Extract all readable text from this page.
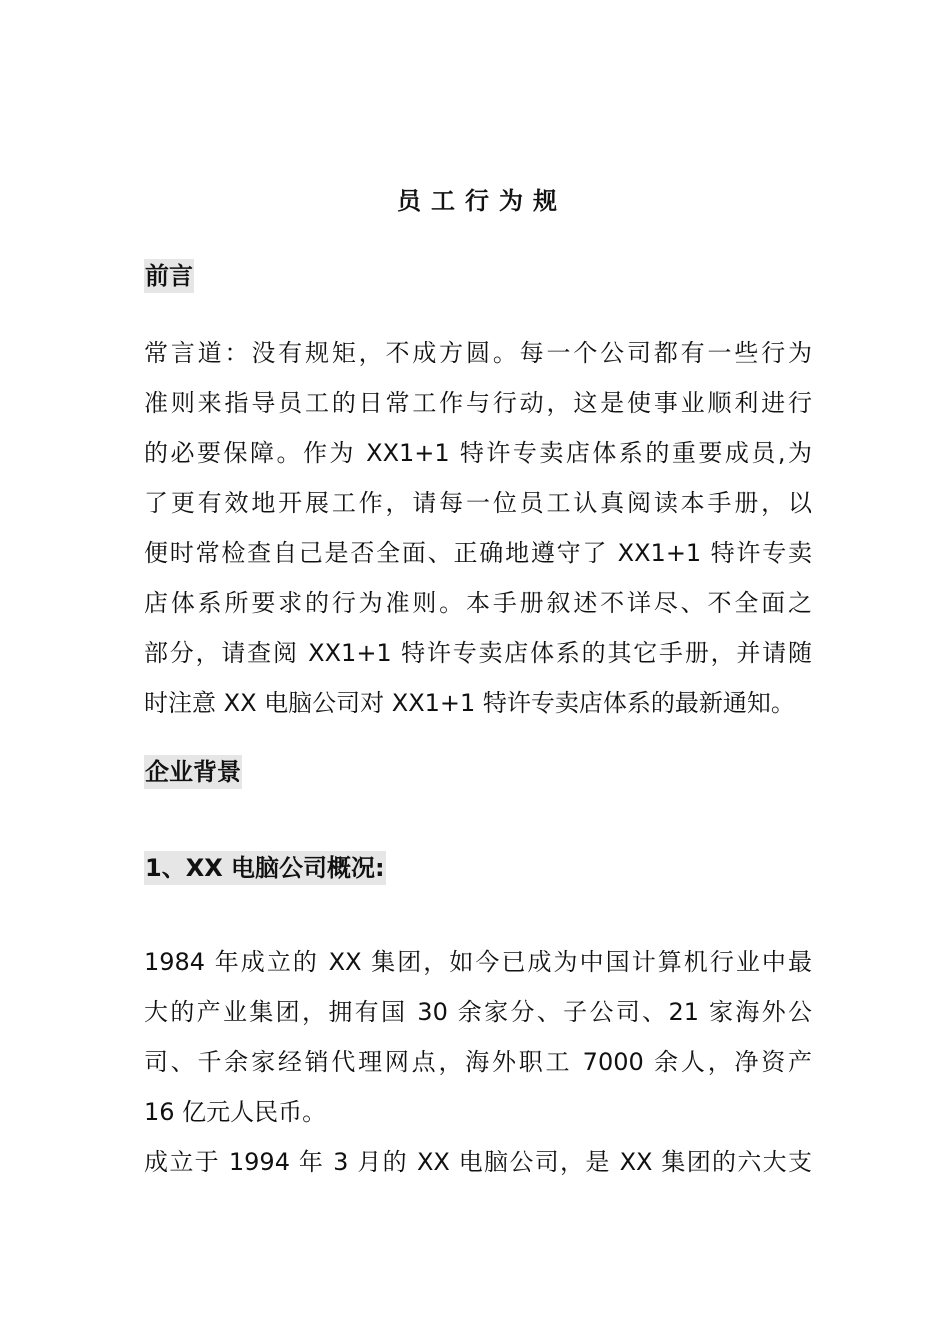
员工行为规
前言
常言道：没有规矩，不成方圆。每一个公司都有一些行为
准则来指导员工的日常工作与行动，这是使事业顺利进行
的必要保障。作为 XX1+1 特许专卖店体系的重要成员,为
了更有效地开展工作，请每一位员工认真阅读本手册，以
便时常检查自己是否全面、正确地遵守了 XX1+1 特许专卖
店体系所要求的行为准则。本手册叙述不详尽、不全面之
部分，请查阅 XX1+1 特许专卖店体系的其它手册，并请随
时注意 XX 电脑公司对 XX1+1 特许专卖店体系的最新通知。
企业背景
1、XX 电脑公司概况:
1984 年成立的 XX 集团，如今已成为中国计算机行业中最
大的产业集团，拥有国 30 余家分、子公司、21 家海外公
司、千余家经销代理网点，海外职工 7000 余人，净资产
16 亿元人民币。
成立于 1994 年 3 月的 XX 电脑公司，是 XX 集团的六大支
